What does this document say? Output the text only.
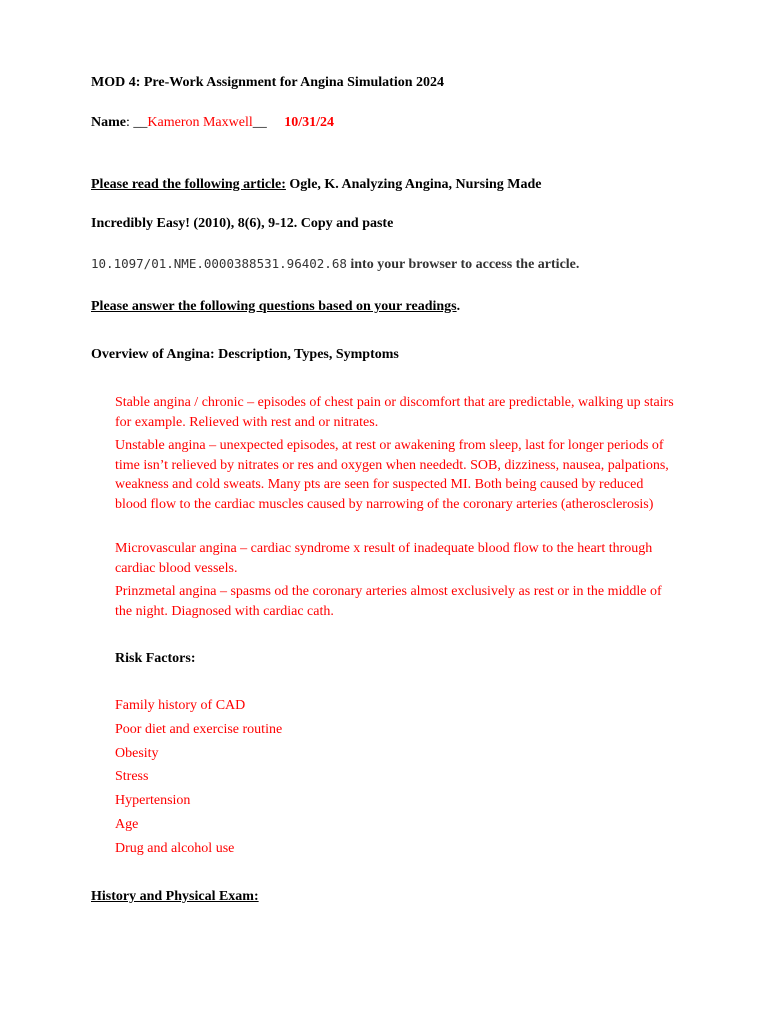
MOD 4: Pre-Work Assignment for Angina Simulation 2024
Name: __Kameron Maxwell__ 10/31/24
Please read the following article: Ogle, K. Analyzing Angina, Nursing Made
Incredibly Easy! (2010), 8(6), 9-12. Copy and paste
10.1097/01.NME.0000388531.96402.68 into your browser to access the article.
Please answer the following questions based on your readings.
Overview of Angina: Description, Types, Symptoms
Stable angina / chronic – episodes of chest pain or discomfort that are predictable, walking up stairs for example. Relieved with rest and or nitrates.
Unstable angina – unexpected episodes, at rest or awakening from sleep, last for longer periods of time isn’t relieved by nitrates or res and oxygen when neededt. SOB, dizziness, nausea, palpations, weakness and cold sweats. Many pts are seen for suspected MI. Both being caused by reduced blood flow to the cardiac muscles caused by narrowing of the coronary arteries (atherosclerosis)
Microvascular angina – cardiac syndrome x result of inadequate blood flow to the heart through cardiac blood vessels.
Prinzmetal angina – spasms od the coronary arteries almost exclusively as rest or in the middle of the night. Diagnosed with cardiac cath.
Risk Factors:
Family history of CAD
Poor diet and exercise routine
Obesity
Stress
Hypertension
Age
Drug and alcohol use
History and Physical Exam:
